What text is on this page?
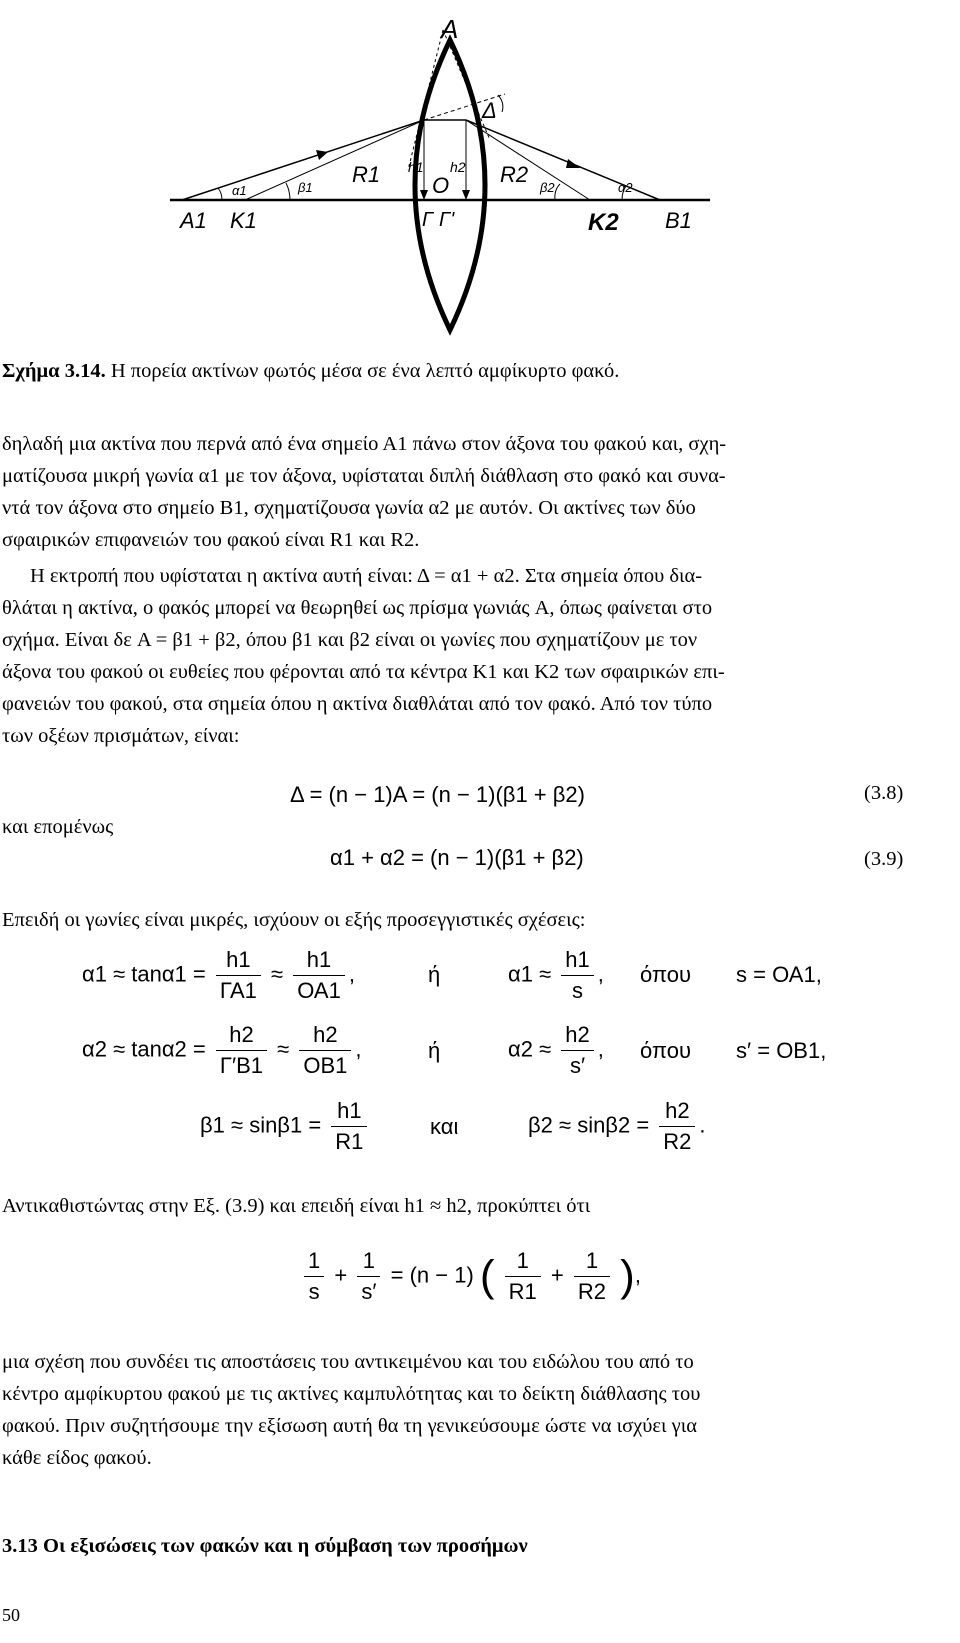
A
Δ
α1	β1
R1 h1 h2
O R2
β2	α2
A1 K1	Γ Γ'	K2 B1
Σχήμα 3.14. Η πορεία ακτίνων φωτός μέσα σε ένα λεπτό αμφίκυρτο φακό.

δηλαδή μια ακτίνα που περνά από ένα σημείο Α1 πάνω στον άξονα του φακού και, σχη-
ματίζουσα μικρή γωνία α1 με τον άξονα, υφίσταται διπλή διάθλαση στο φακό και συνα-
ντά τον άξονα στο σημείο Β1, σχηματίζουσα γωνία α2 με αυτόν. Οι ακτίνες των δύο
σφαιρικών επιφανειών του φακού είναι R1 και R2.

Η εκτροπή που υφίσταται η ακτίνα αυτή είναι: Δ = α1 + α2. Στα σημεία όπου δια-
θλάται η ακτίνα, ο φακός μπορεί να θεωρηθεί ως πρίσμα γωνιάς A, όπως φαίνεται στο
σχήμα. Είναι δε A = β1 + β2, όπου β1 και β2 είναι οι γωνίες που σχηματίζουν με τον
άξονα του φακού οι ευθείες που φέρονται από τα κέντρα Κ1 και Κ2 των σφαιρικών επι-
φανειών του φακού, στα σημεία όπου η ακτίνα διαθλάται από τον φακό. Από τον τύπο
των οξέων πρισμάτων, είναι:

Δ = (n − 1)A = (n − 1)(β1 + β2)	(3.8)
και επομένως
α1 + α2 = (n − 1)(β1 + β2)	(3.9)
Επειδή οι γωνίες είναι μικρές, ισχύουν οι εξής προσεγγιστικές σχέσεις:
$\alpha 1 \approx \tan\alpha 1 = \frac{h1}{\Gamma A1} \approx \frac{h1}{OA1}$ ,	ή	$\alpha 1 \approx \frac{h1}{s}$ , όπου s = ΟΑ1,
$\alpha 2 \approx \tan\alpha 2 = \frac{h2}{\Gamma'B1} \approx \frac{h2}{OB1}$ ,	ή	$\alpha 2 \approx \frac{h2}{s'}$ , όπου s′ = ΟΒ1,
$\beta 1 \approx \sin\beta 1 = \frac{h1}{R1}$	και	$\beta 2 \approx \sin\beta 2 = \frac{h2}{R2}$ .
Αντικαθιστώντας στην Εξ. (3.9) και επειδή είναι h1 ≈ h2, προκύπτει ότι
$\frac{1}{s} + \frac{1}{s'} = (n - 1)$ ( $\frac{1}{R1} + \frac{1}{R2}$ ),

μια σχέση που συνδέει τις αποστάσεις του αντικειμένου και του ειδώλου του από το
κέντρο αμφίκυρτου φακού με τις ακτίνες καμπυλότητας και το δείκτη διάθλασης του
φακού. Πριν συζητήσουμε την εξίσωση αυτή θα τη γενικεύσουμε ώστε να ισχύει για
κάθε είδος φακού.

3.13 Οι εξισώσεις των φακών και η σύμβαση των προσήμων
50
